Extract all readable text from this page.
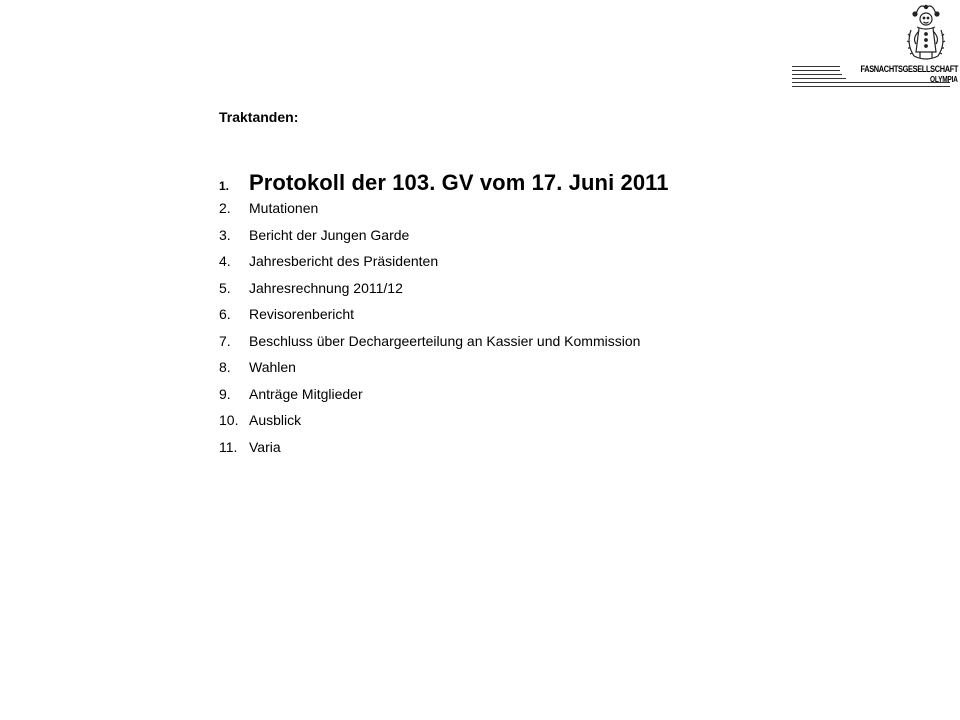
FASNACHTSGESELLSCHAFT
OLYMPIA
Traktanden:
1. Protokoll der 103. GV vom 17. Juni 2011
2.	Mutationen
3.	Bericht der Jungen Garde
4.	Jahresbericht des Präsidenten
5.	Jahresrechnung 2011/12
6.	Revisorenbericht
7.	Beschluss über Dechargeerteilung an Kassier und Kommission
8.	Wahlen
9.	Anträge Mitglieder
10. Ausblick
11. Varia
